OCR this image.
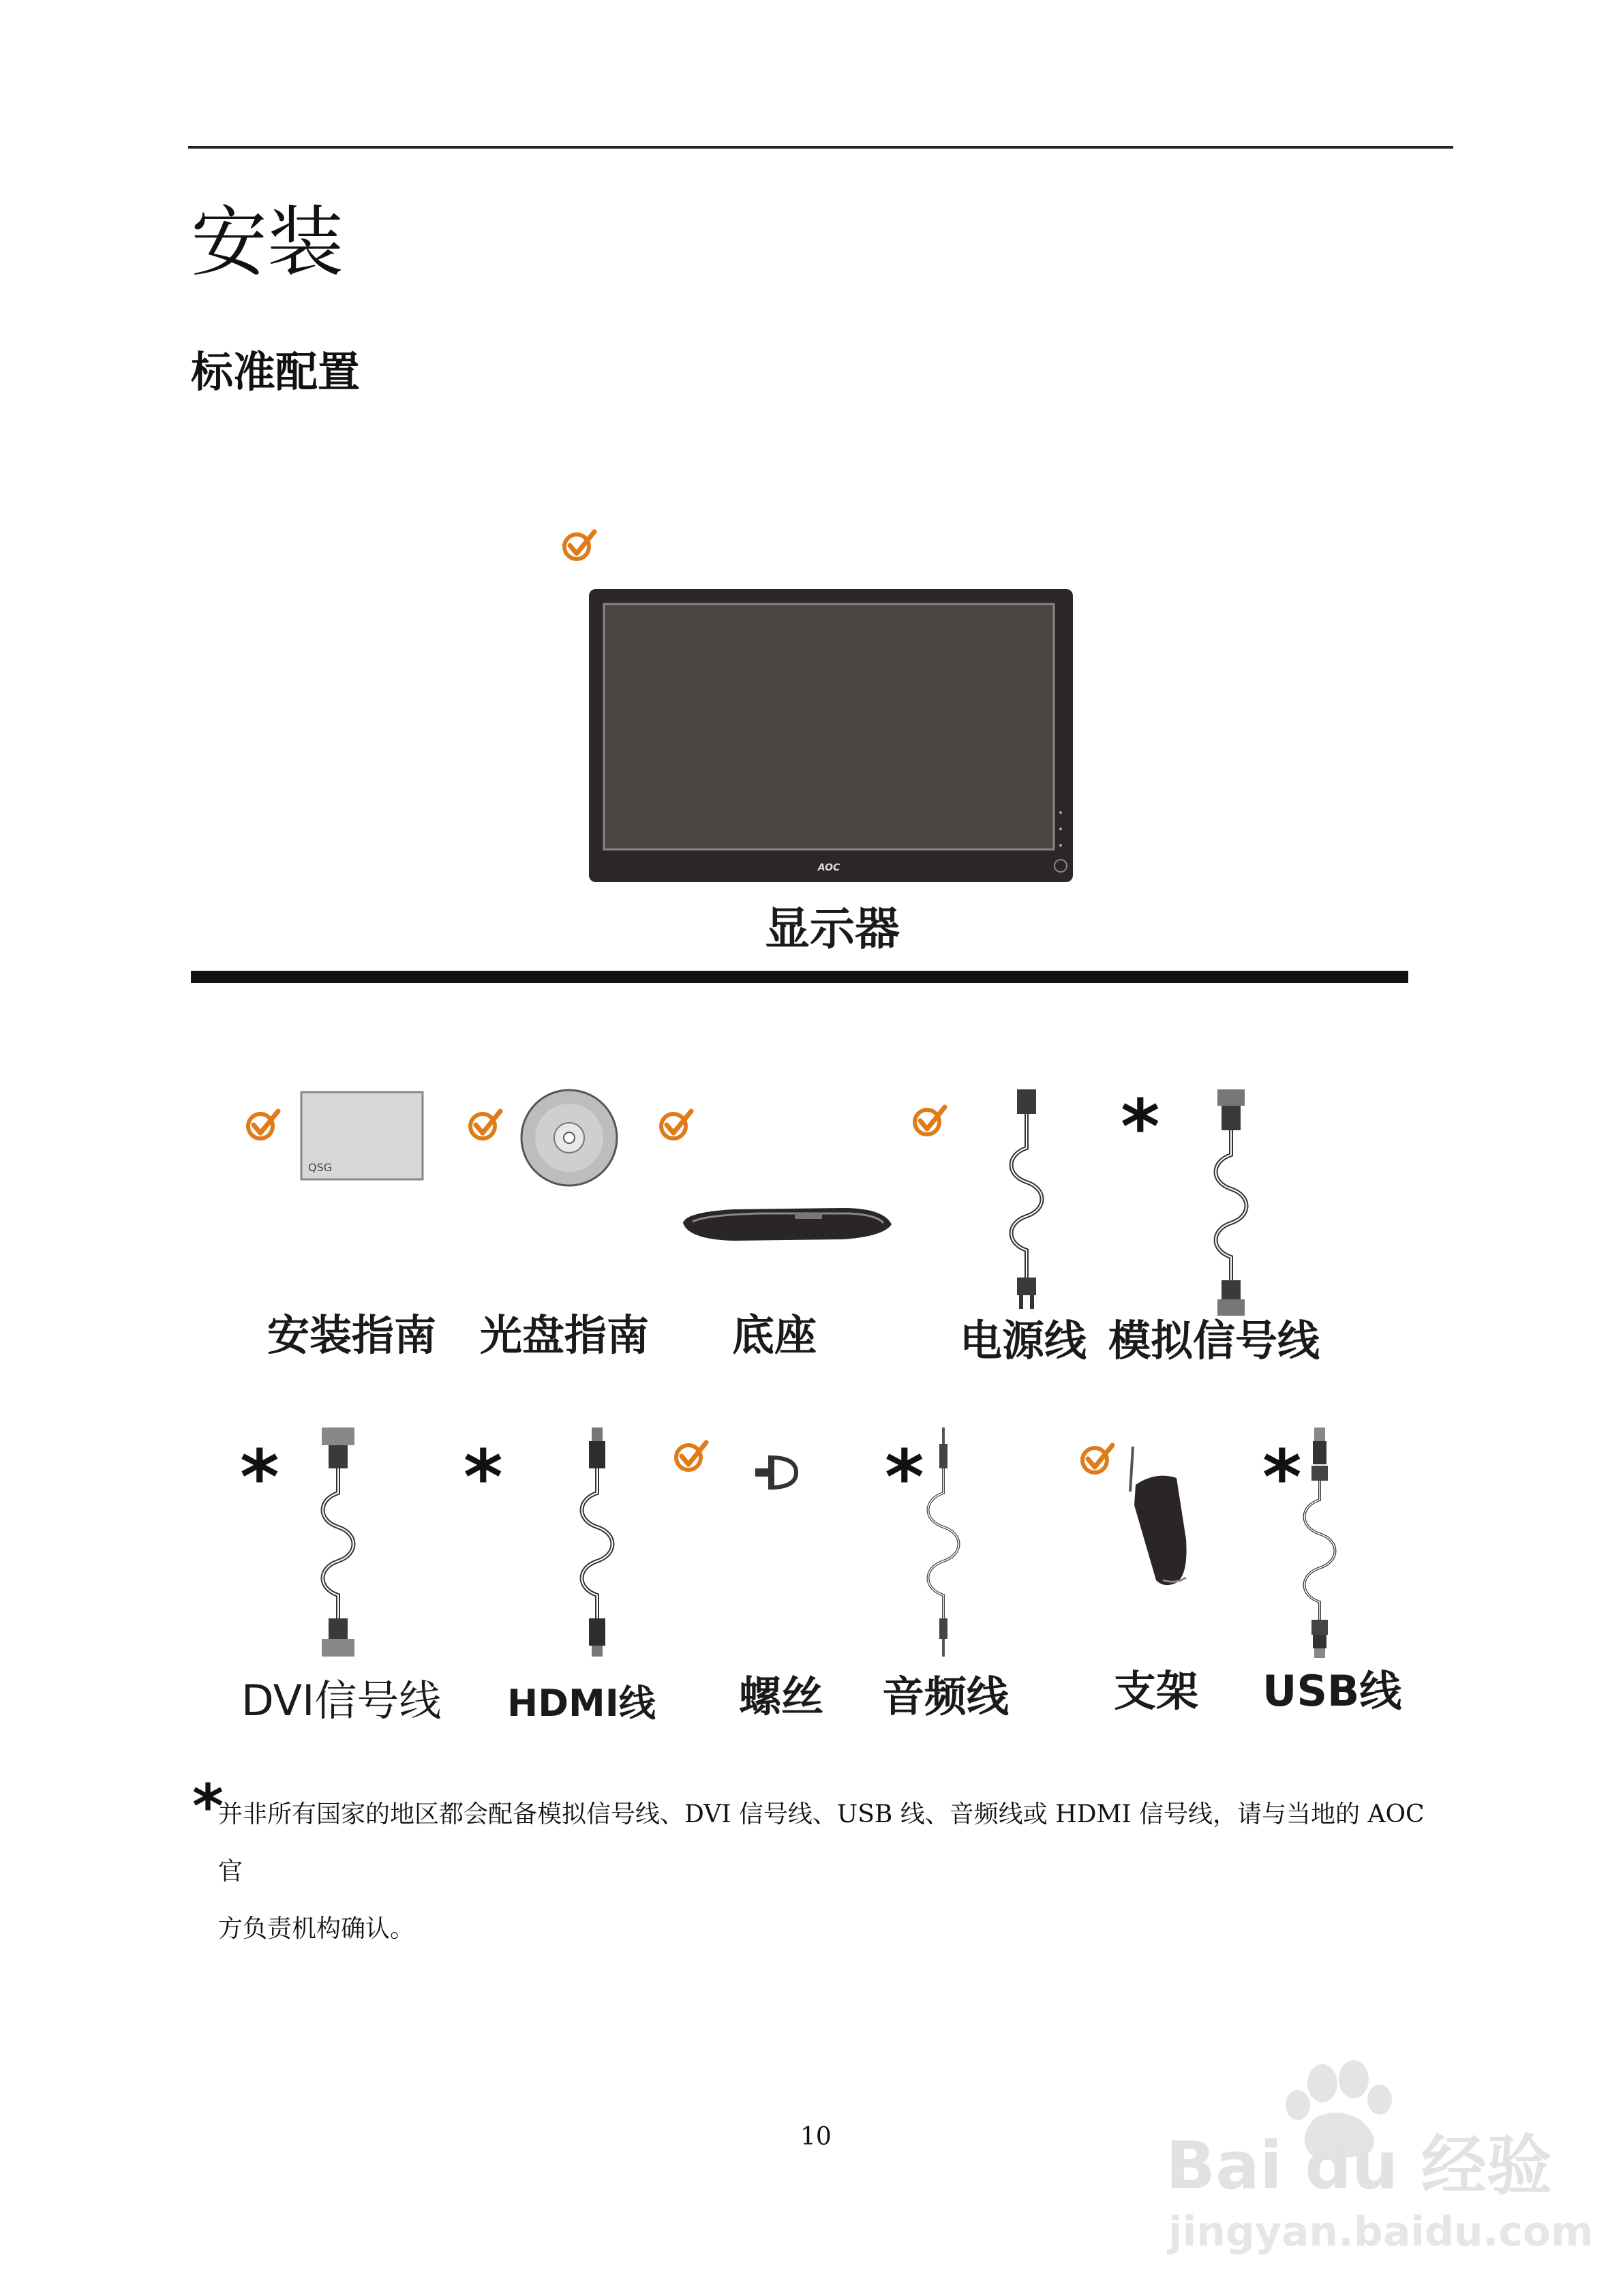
安装
标准配置
AOC
显示器
QSG
安装指南 光盘指南 底座	电源线
*
模拟信号线
*
DVI信号线
*
HDMI线 螺丝
*
音频线 支架
*
USB线
*
并非所有国家的地区都会配备模拟信号线、DVI 信号线、USB 线、音频线或 HDMI 信号线，请与当地的 AOC 官
方负责机构确认。
10	Bai du 经验
jingyan.baidu.com
